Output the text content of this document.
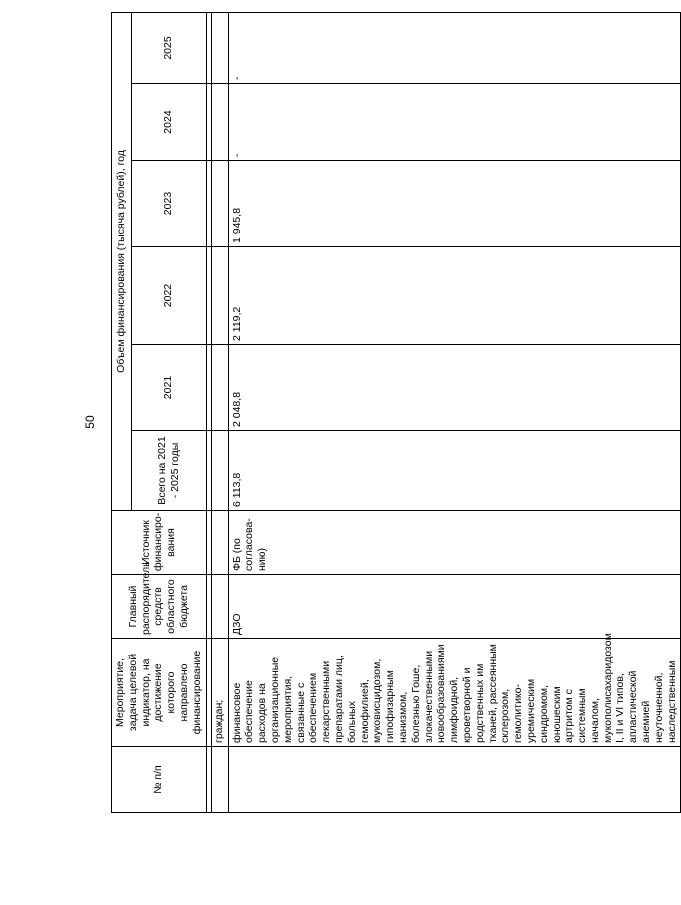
50
№ п/п	Мероприятие, задача целевой индикатор, на достижение которого направлено финансирование	Главный распорядитель средств областного бюджета	Источник финансиро-вания	Объем финансирования (тысяча рублей), год					
				Всего на 2021 - 2025 годы	2021	2022	2023	2024	2025

	граждан;								
	финансовое обеспечение расходов на организационные мероприятия, связанные с обеспечением лекарственными препаратами лиц, больных гемофилией, муковисцидозом, гипофизарным нанизмом, болезнью Гоше, злокачественными новообразованиями лимфоидной, кроветворной и родственных им тканей, рассеянным склерозом, гемолитико-уремическим синдромом, юношеским артритом с системным началом, мукополисахаридозом I, II и VI типов, апластической анемией неуточненной, наследственным	ДЗО	ФБ (по согласова-нию)	6 113,8	2 048,8	2 119,2	1 945,8	-	-
